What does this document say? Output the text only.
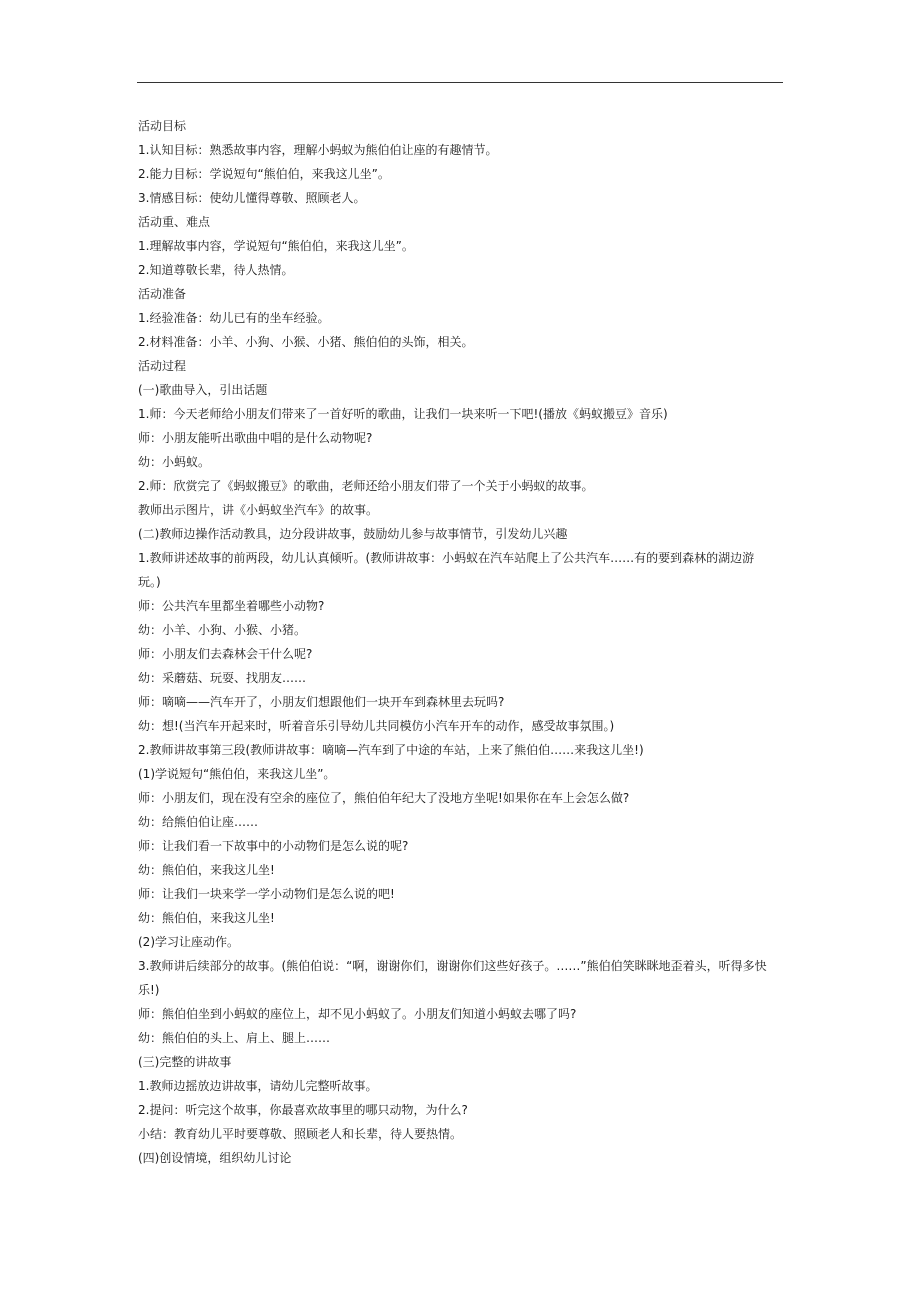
活动目标
1.认知目标：熟悉故事内容，理解小蚂蚁为熊伯伯让座的有趣情节。
2.能力目标：学说短句“熊伯伯，来我这儿坐”。
3.情感目标：使幼儿懂得尊敬、照顾老人。
活动重、难点
1.理解故事内容，学说短句“熊伯伯，来我这儿坐”。
2.知道尊敬长辈，待人热情。
活动准备
1.经验准备：幼儿已有的坐车经验。
2.材料准备：小羊、小狗、小猴、小猪、熊伯伯的头饰，相关。
活动过程
(一)歌曲导入，引出话题
1.师：今天老师给小朋友们带来了一首好听的歌曲，让我们一块来听一下吧!(播放《蚂蚁搬豆》音乐)
师：小朋友能听出歌曲中唱的是什么动物呢?
幼：小蚂蚁。
2.师：欣赏完了《蚂蚁搬豆》的歌曲，老师还给小朋友们带了一个关于小蚂蚁的故事。
教师出示图片，讲《小蚂蚁坐汽车》的故事。
(二)教师边操作活动教具，边分段讲故事，鼓励幼儿参与故事情节，引发幼儿兴趣
1.教师讲述故事的前两段，幼儿认真倾听。(教师讲故事：小蚂蚁在汽车站爬上了公共汽车……有的要到森林的湖边游
玩。)
师：公共汽车里都坐着哪些小动物?
幼：小羊、小狗、小猴、小猪。
师：小朋友们去森林会干什么呢?
幼：采蘑菇、玩耍、找朋友……
师：嘀嘀——汽车开了，小朋友们想跟他们一块开车到森林里去玩吗?
幼：想!(当汽车开起来时，听着音乐引导幼儿共同模仿小汽车开车的动作，感受故事氛围。)
2.教师讲故事第三段(教师讲故事：嘀嘀—汽车到了中途的车站，上来了熊伯伯……来我这儿坐!)
(1)学说短句“熊伯伯，来我这儿坐”。
师：小朋友们，现在没有空余的座位了，熊伯伯年纪大了没地方坐呢!如果你在车上会怎么做?
幼：给熊伯伯让座……
师：让我们看一下故事中的小动物们是怎么说的呢?
幼：熊伯伯，来我这儿坐!
师：让我们一块来学一学小动物们是怎么说的吧!
幼：熊伯伯，来我这儿坐!
(2)学习让座动作。
3.教师讲后续部分的故事。(熊伯伯说：“啊，谢谢你们，谢谢你们这些好孩子。……”熊伯伯笑眯眯地歪着头，听得多快
乐!)
师：熊伯伯坐到小蚂蚁的座位上，却不见小蚂蚁了。小朋友们知道小蚂蚁去哪了吗?
幼：熊伯伯的头上、肩上、腿上……
(三)完整的讲故事
1.教师边摇放边讲故事，请幼儿完整听故事。
2.提问：听完这个故事，你最喜欢故事里的哪只动物，为什么?
小结：教育幼儿平时要尊敬、照顾老人和长辈，待人要热情。
(四)创设情境，组织幼儿讨论
